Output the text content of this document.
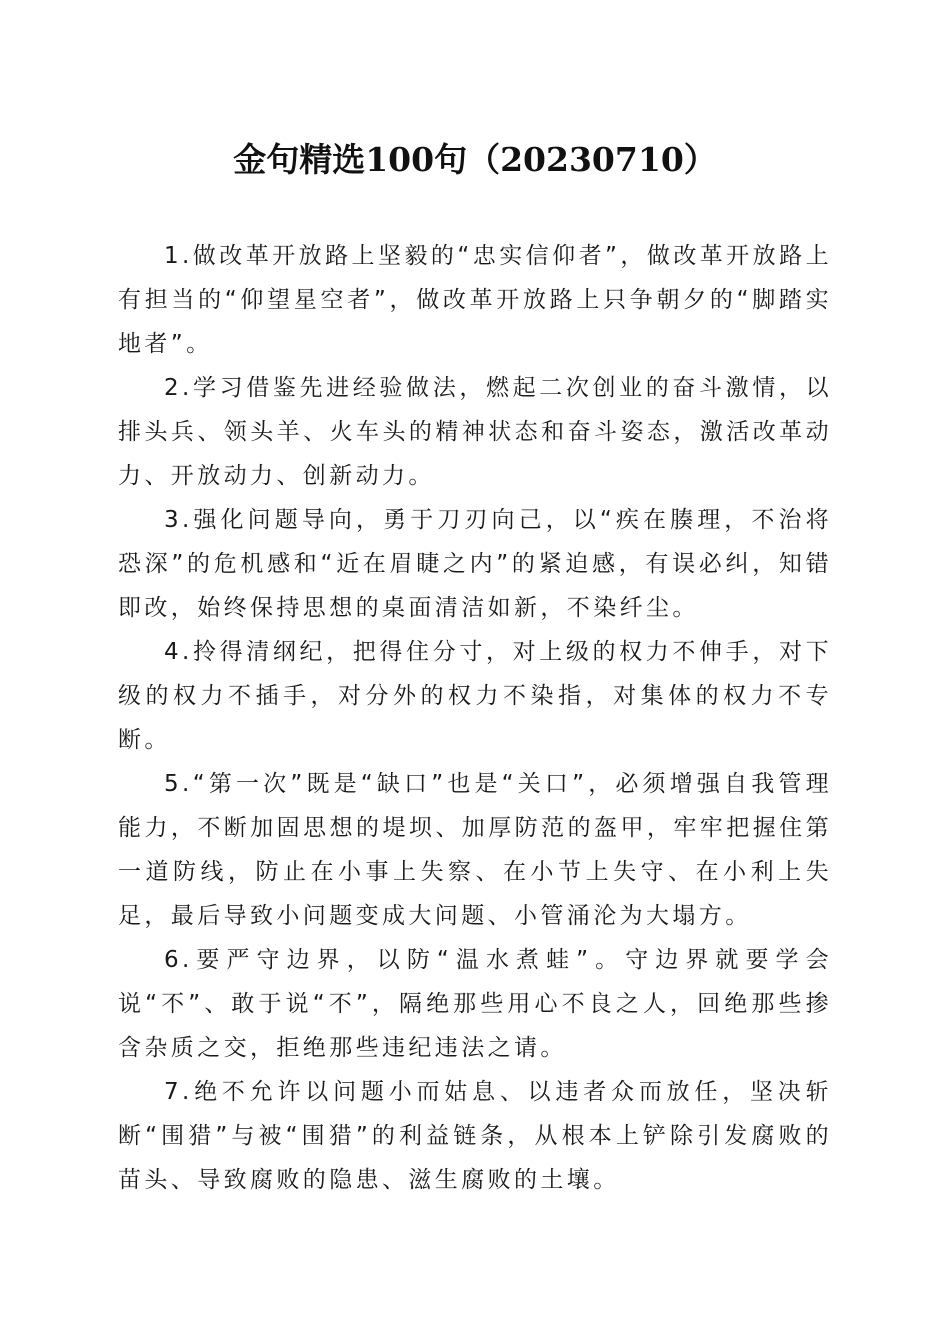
金句精选100句（20230710）

1.做改革开放路上坚毅的“忠实信仰者”，做改革开放路上有担当的“仰望星空者”，做改革开放路上只争朝夕的“脚踏实地者”。

2.学习借鉴先进经验做法，燃起二次创业的奋斗激情，以排头兵、领头羊、火车头的精神状态和奋斗姿态，激活改革动力、开放动力、创新动力。

3.强化问题导向，勇于刀刃向己，以“疾在腠理，不治将恐深”的危机感和“近在眉睫之内”的紧迫感，有误必纠，知错即改，始终保持思想的桌面清洁如新，不染纤尘。

4.拎得清纲纪，把得住分寸，对上级的权力不伸手，对下级的权力不插手，对分外的权力不染指，对集体的权力不专断。

5.“第一次”既是“缺口”也是“关口”，必须增强自我管理能力，不断加固思想的堤坝、加厚防范的盔甲，牢牢把握住第一道防线，防止在小事上失察、在小节上失守、在小利上失足，最后导致小问题变成大问题、小管涌沦为大塌方。

6.要严守边界，以防“温水煮蛙”。守边界就要学会说“不”、敢于说“不”，隔绝那些用心不良之人，回绝那些掺含杂质之交，拒绝那些违纪违法之请。

7.绝不允许以问题小而姑息、以违者众而放任，坚决斩断“围猎”与被“围猎”的利益链条，从根本上铲除引发腐败的苗头、导致腐败的隐患、滋生腐败的土壤。
